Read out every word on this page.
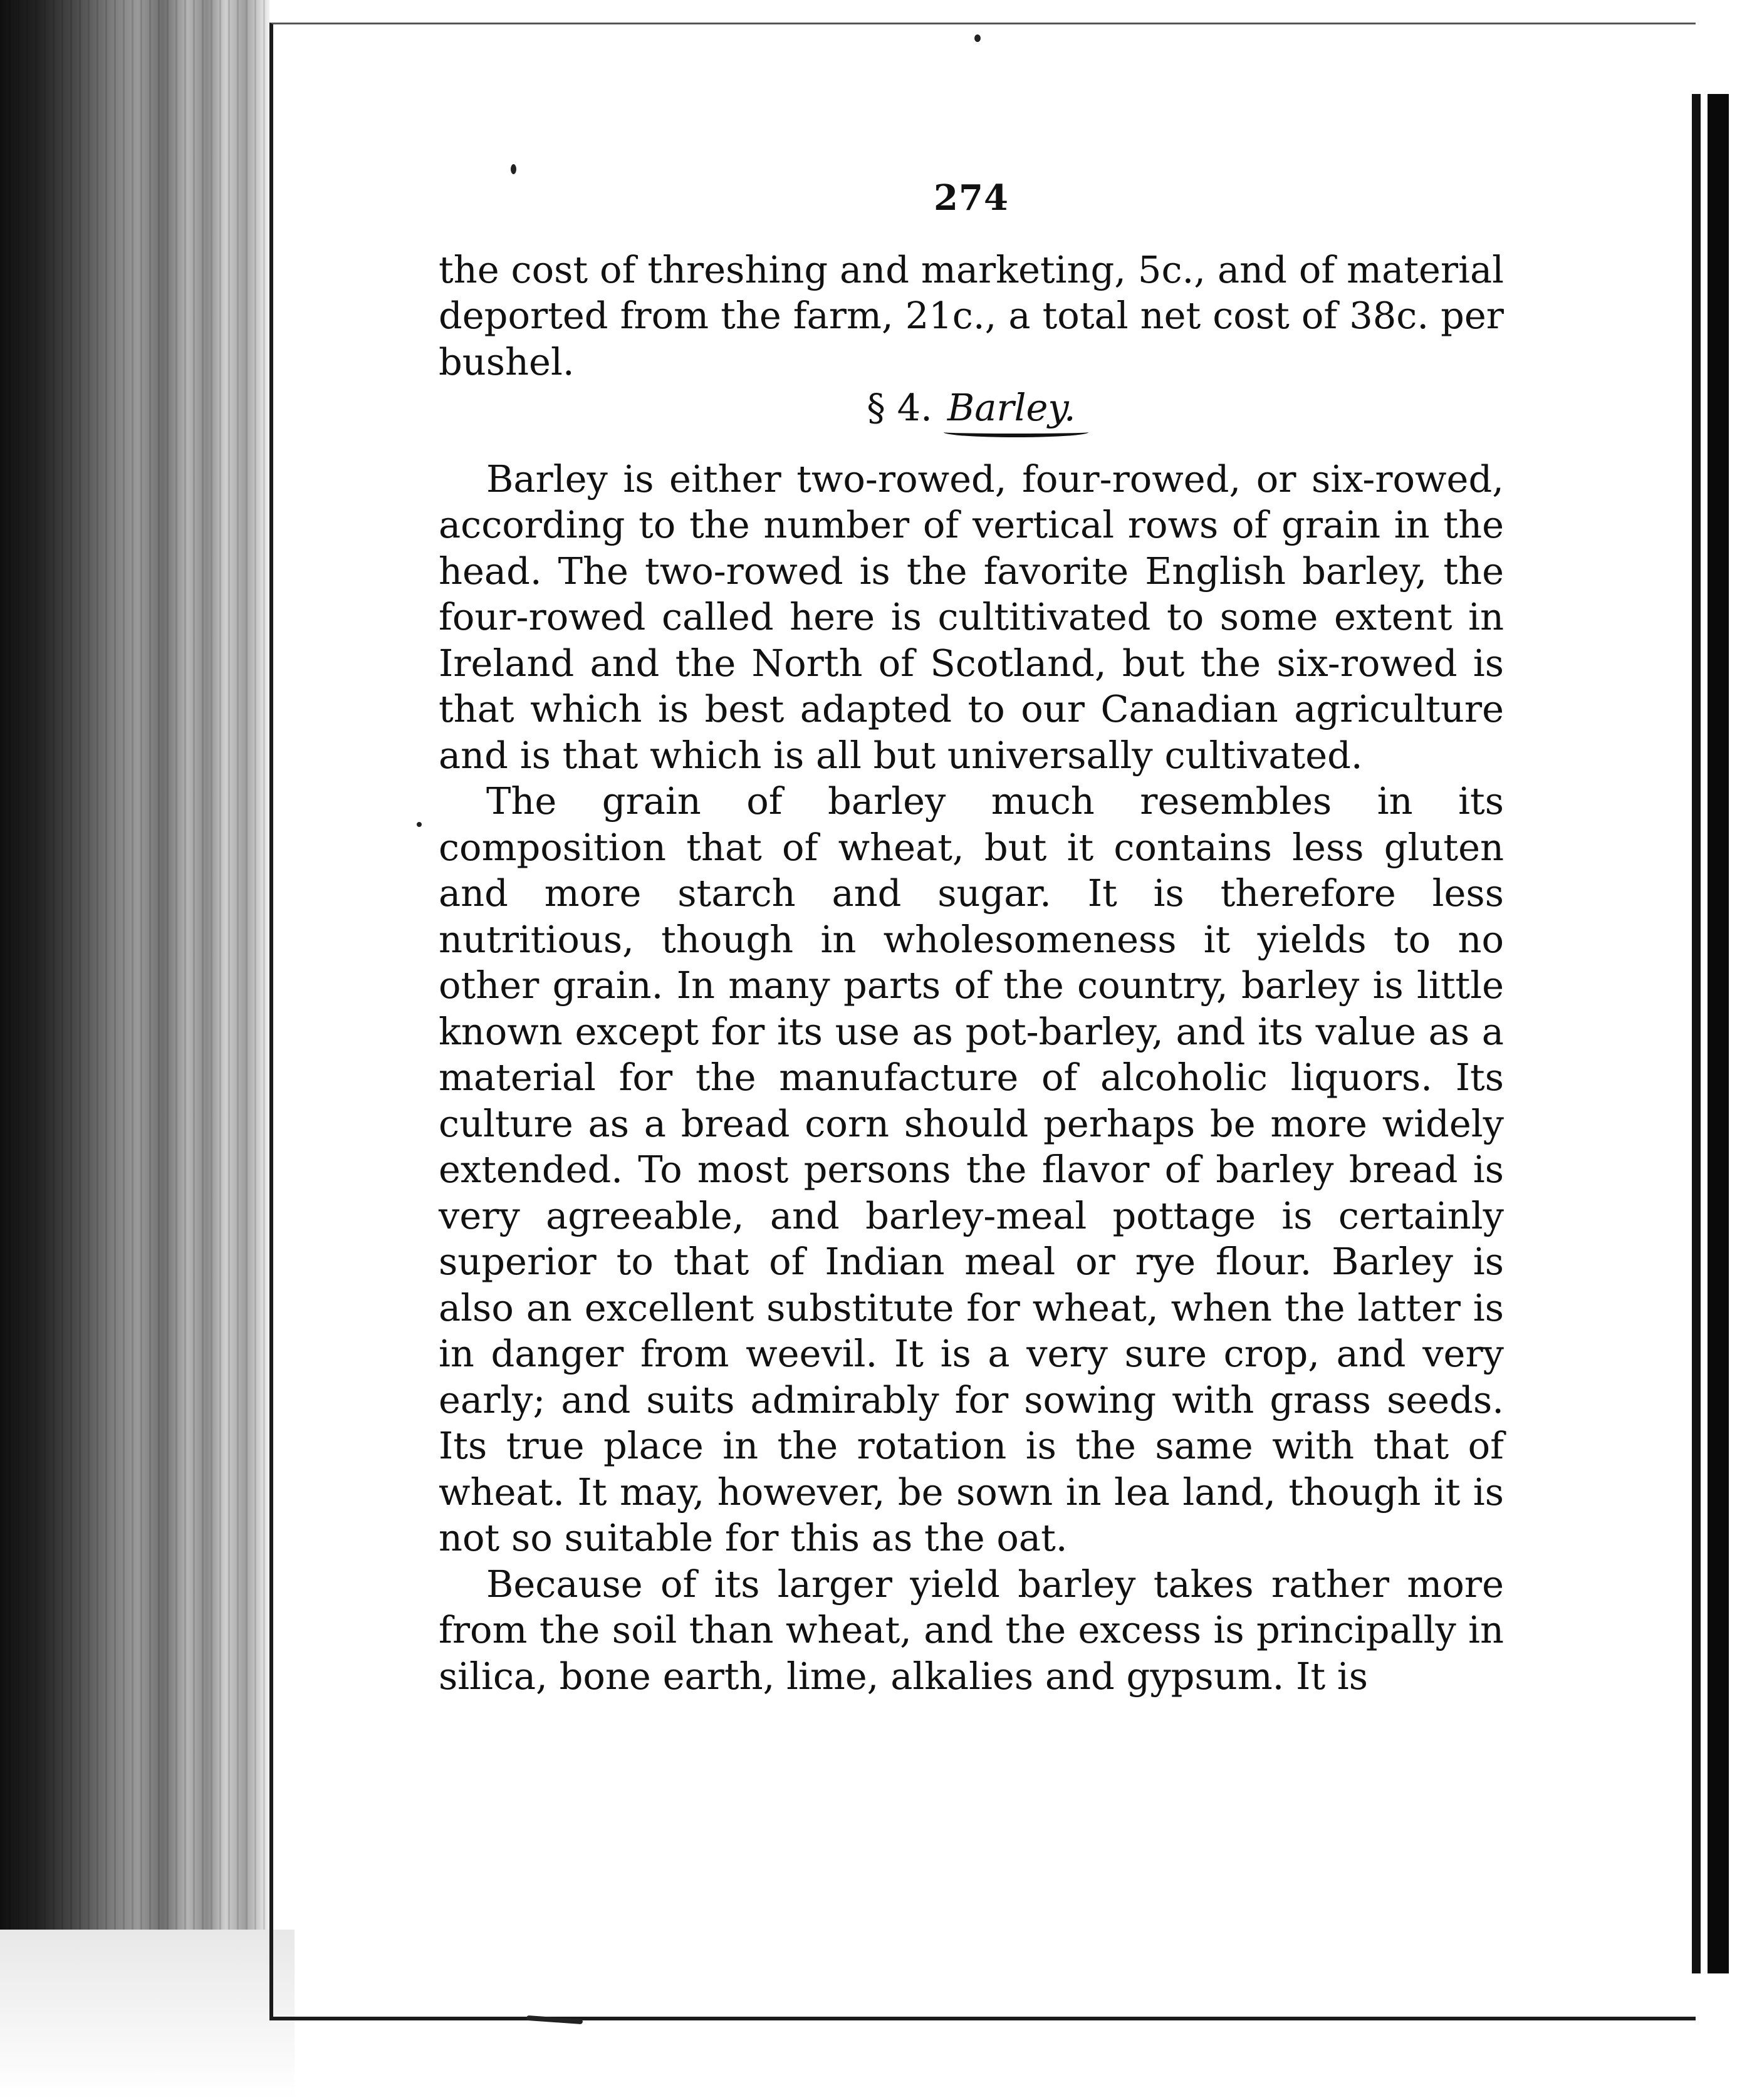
274

the cost of threshing and marketing, 5c., and of material deported from the farm, 21c., a total net cost of 38c. per bushel.

§ 4. Barley.

Barley is either two-rowed, four-rowed, or six-rowed, according to the number of vertical rows of grain in the head. The two-rowed is the favorite English barley, the four-rowed called here is cultitivated to some extent in Ireland and the North of Scotland, but the six-rowed is that which is best adapted to our Canadian agriculture and is that which is all but universally cultivated.

The grain of barley much resembles in its composition that of wheat, but it contains less gluten and more starch and sugar. It is therefore less nutritious, though in wholesomeness it yields to no other grain. In many parts of the country, barley is little known except for its use as pot-barley, and its value as a material for the manufacture of alcoholic liquors. Its culture as a bread corn should perhaps be more widely extended. To most persons the flavor of barley bread is very agreeable, and barley-meal pottage is certainly superior to that of Indian meal or rye flour. Barley is also an excellent substitute for wheat, when the latter is in danger from weevil. It is a very sure crop, and very early; and suits admirably for sowing with grass seeds. Its true place in the rotation is the same with that of wheat. It may, however, be sown in lea land, though it is not so suitable for this as the oat.

Because of its larger yield barley takes rather more from the soil than wheat, and the excess is principally in silica, bone earth, lime, alkalies and gypsum. It is
